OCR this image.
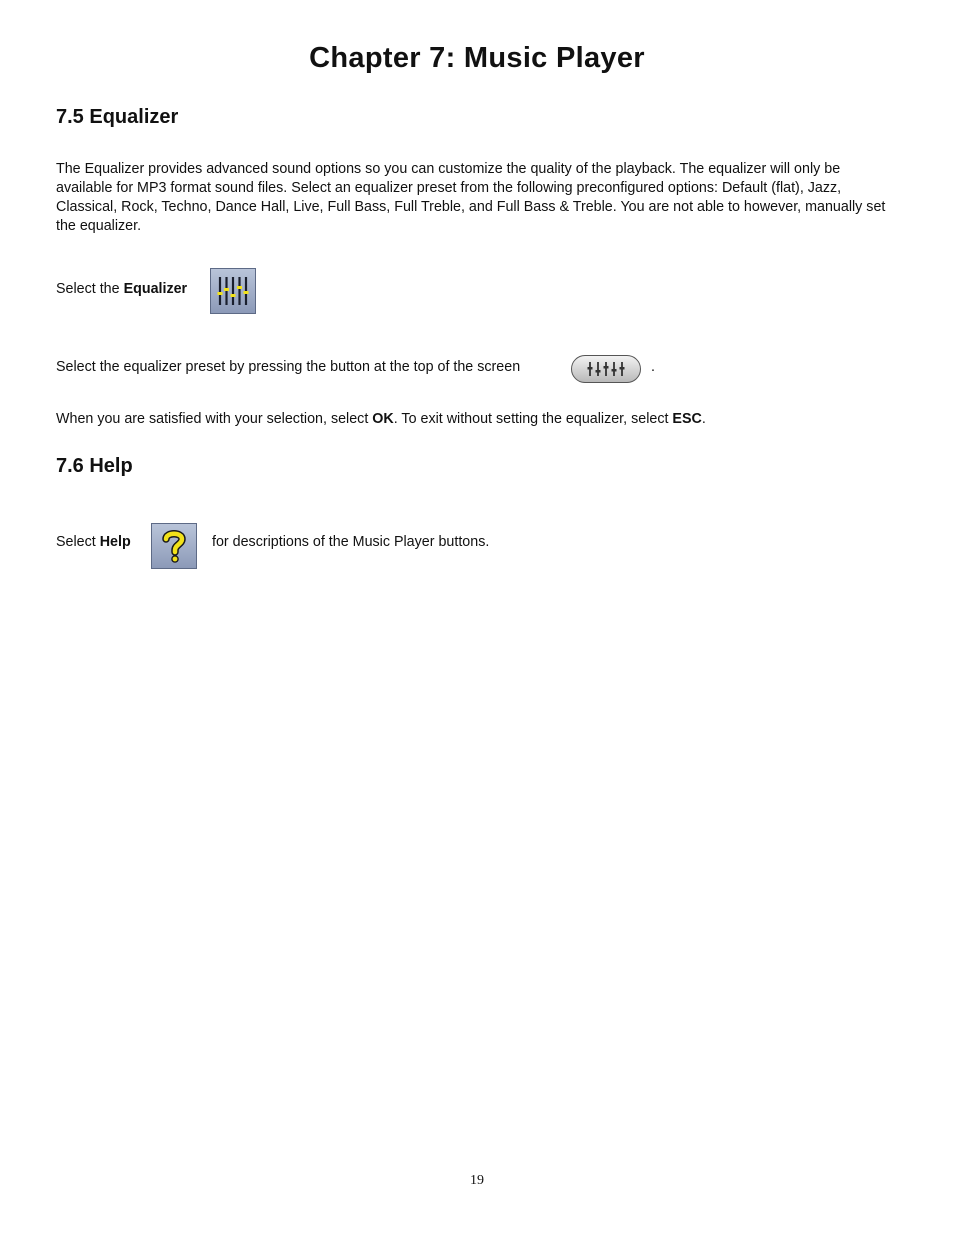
Chapter 7: Music Player
7.5 Equalizer

The Equalizer provides advanced sound options so you can customize the quality of the playback. The equalizer will only be available for MP3 format sound files. Select an equalizer preset from the following preconfigured options: Default (flat), Jazz, Classical, Rock, Techno, Dance Hall, Live, Full Bass, Full Treble, and Full Bass & Treble. You are not able to however, manually set the equalizer.

Select the Equalizer
Select the equalizer preset by pressing the button at the top of the screen	.
When you are satisfied with your selection, select OK. To exit without setting the equalizer, select ESC.
7.6 Help
Select Help	for descriptions of the Music Player buttons.
19
